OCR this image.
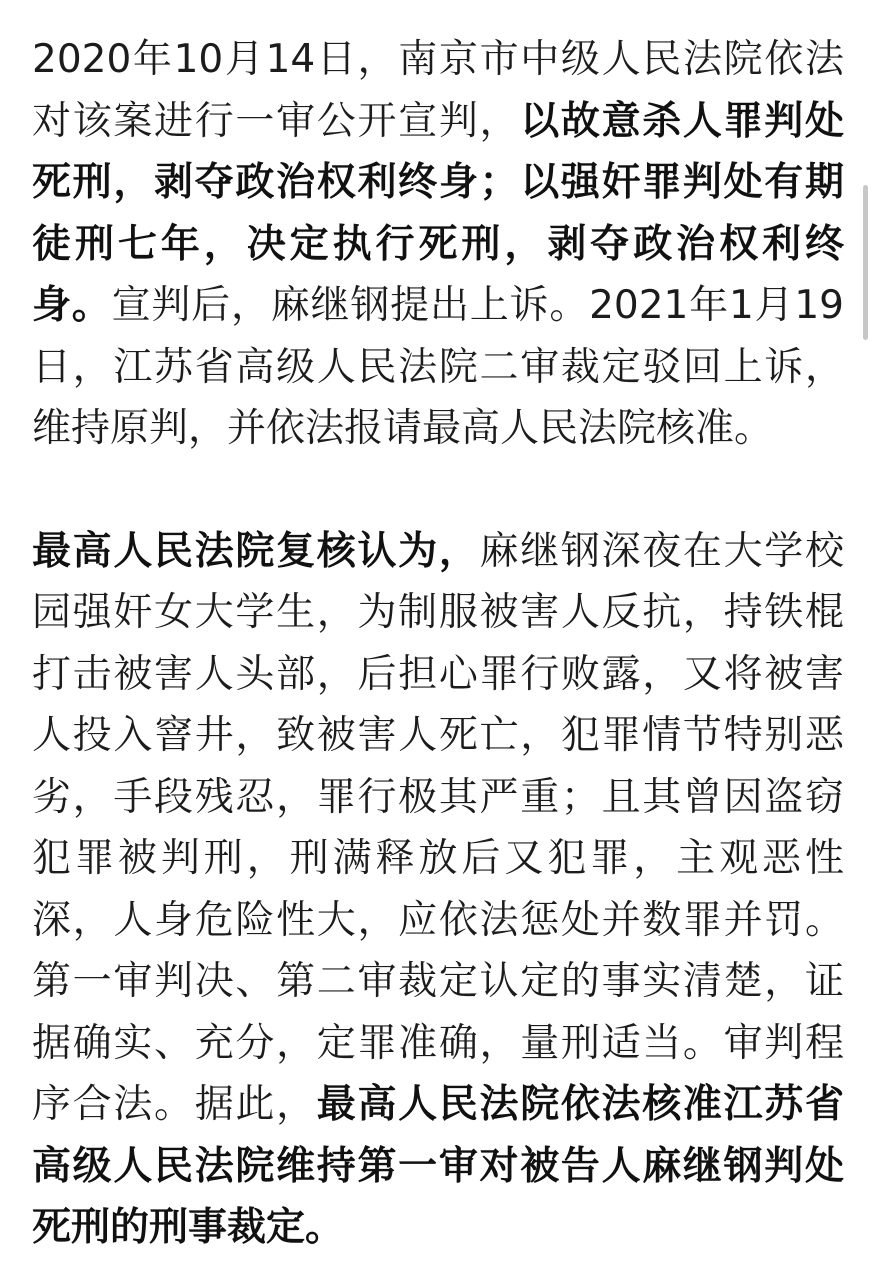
2020年10月14日，南京市中级人民法院依法对该案进行一审公开宣判，以故意杀人罪判处死刑，剥夺政治权利终身；以强奸罪判处有期徒刑七年，决定执行死刑，剥夺政治权利终身。宣判后，麻继钢提出上诉。2021年1月19日，江苏省高级人民法院二审裁定驳回上诉，维持原判，并依法报请最高人民法院核准。

最高人民法院复核认为，麻继钢深夜在大学校园强奸女大学生，为制服被害人反抗，持铁棍打击被害人头部，后担心罪行败露，又将被害人投入窨井，致被害人死亡，犯罪情节特别恶劣，手段残忍，罪行极其严重；且其曾因盗窃犯罪被判刑，刑满释放后又犯罪，主观恶性深，人身危险性大，应依法惩处并数罪并罚。第一审判决、第二审裁定认定的事实清楚，证据确实、充分，定罪准确，量刑适当。审判程序合法。据此，最高人民法院依法核准江苏省高级人民法院维持第一审对被告人麻继钢判处死刑的刑事裁定。
